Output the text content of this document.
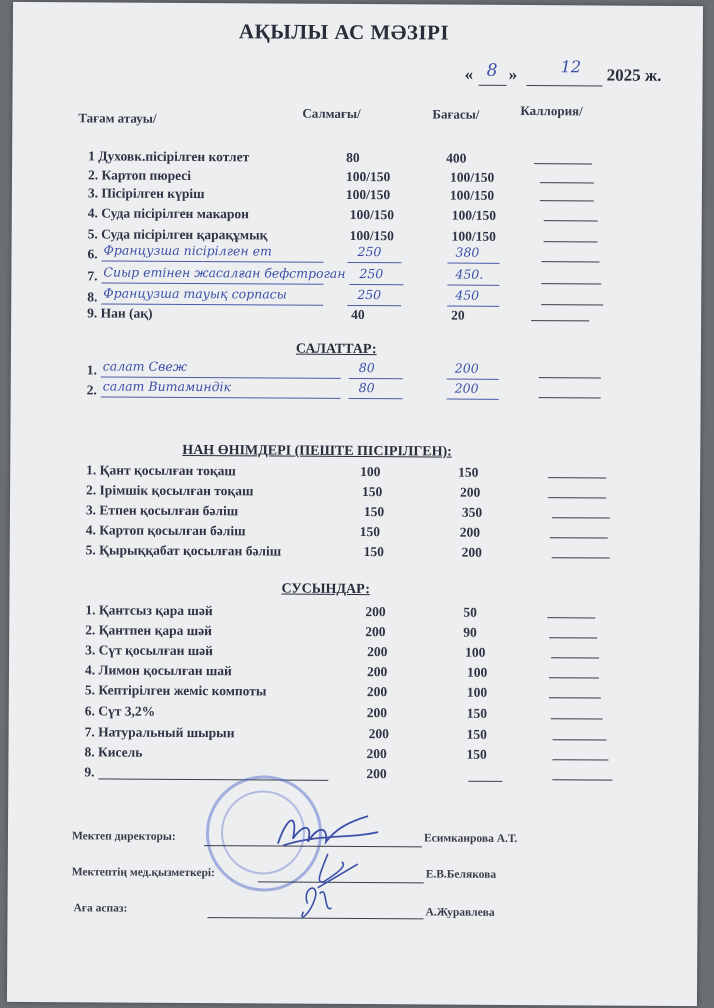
АҚЫЛЫ АС МӘЗІРІ
« 8 »	12 2025 ж.
Тағам атауы/	Салмағы/	Бағасы/	Каллория/
1 Духовк.пісірілген котлет	80	400
2. Картоп пюресі	100/150	100/150
3. Пісірілген күріш	100/150	100/150
4. Суда пісірілген макарон	100/150	100/150
5. Суда пісірілген қарақұмық	100/150	100/150
6. Французша пісірілген ет	250	380
7. Сиыр етінен жасалған бефстроган 250	450.
8. Французша тауық сорпасы	250	450
9. Нан (ақ)	40	20
1. салат Свеж	80	200
2. салат Витаминдік	80	200
1. Қант қосылған тоқаш	100	150
2. Ірімшік қосылған тоқаш	150	200
3. Етпен қосылған бәліш	150	350
4. Картоп қосылған бәліш	150	200
5. Қырыққабат қосылған бәліш	150	200
1. Қантсыз қара шәй	200	50
2. Қантпен қара шәй	200	90
3. Сүт қосылған шәй	200	100
4. Лимон қосылған шай	200	100
5. Кептірілген жеміс компоты	200	100
6. Сүт 3,2%	200	150
7. Натуральный шырын	200	150
8. Кисель	200	150
9.	200
САЛАТТАР:
НАН ӨНІМДЕРІ (ПЕШТЕ ПІСІРІЛГЕН):
СУСЫНДАР:
Мектеп директоры:	Есимканрова А.Т.
Мектептің мед.қызметкері:	Е.В.Белякова
Аға аспаз:	А.Журавлева
